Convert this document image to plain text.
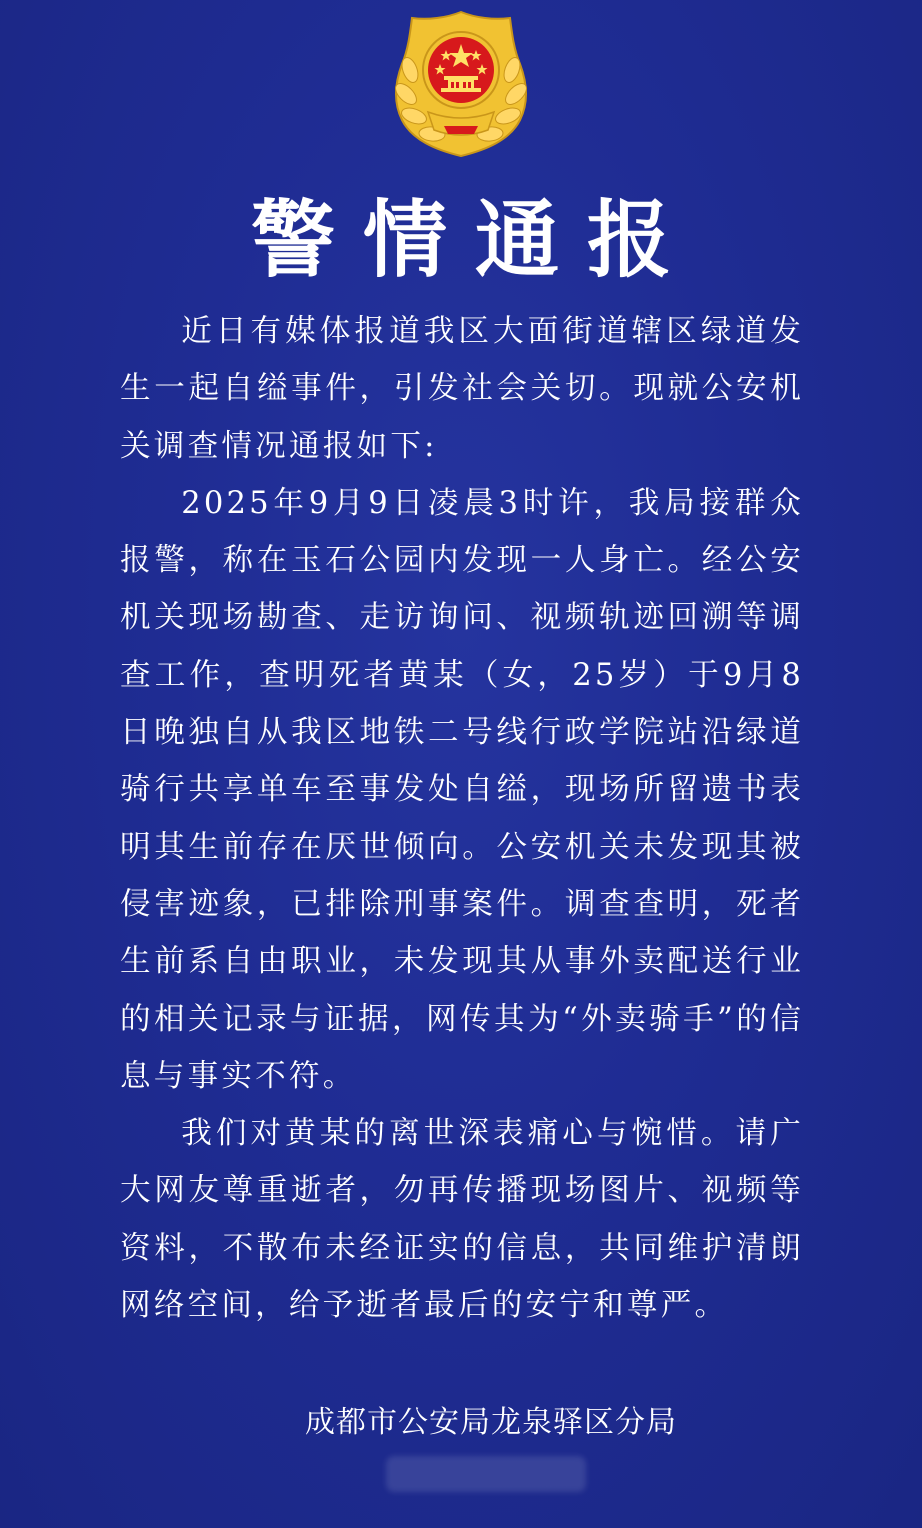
警情通报

近日有媒体报道我区大面街道辖区绿道发生一起自缢事件，引发社会关切。现就公安机关调查情况通报如下:

2025年9月9日凌晨3时许，我局接群众报警，称在玉石公园内发现一人身亡。经公安机关现场勘查、走访询问、视频轨迹回溯等调查工作，查明死者黄某（女，25岁）于9月8日晚独自从我区地铁二号线行政学院站沿绿道骑行共享单车至事发处自缢，现场所留遗书表明其生前存在厌世倾向。公安机关未发现其被侵害迹象，已排除刑事案件。调查查明，死者生前系自由职业，未发现其从事外卖配送行业的相关记录与证据，网传其为“外卖骑手”的信息与事实不符。

我们对黄某的离世深表痛心与惋惜。请广大网友尊重逝者，勿再传播现场图片、视频等资料，不散布未经证实的信息，共同维护清朗网络空间，给予逝者最后的安宁和尊严。

成都市公安局龙泉驿区分局
